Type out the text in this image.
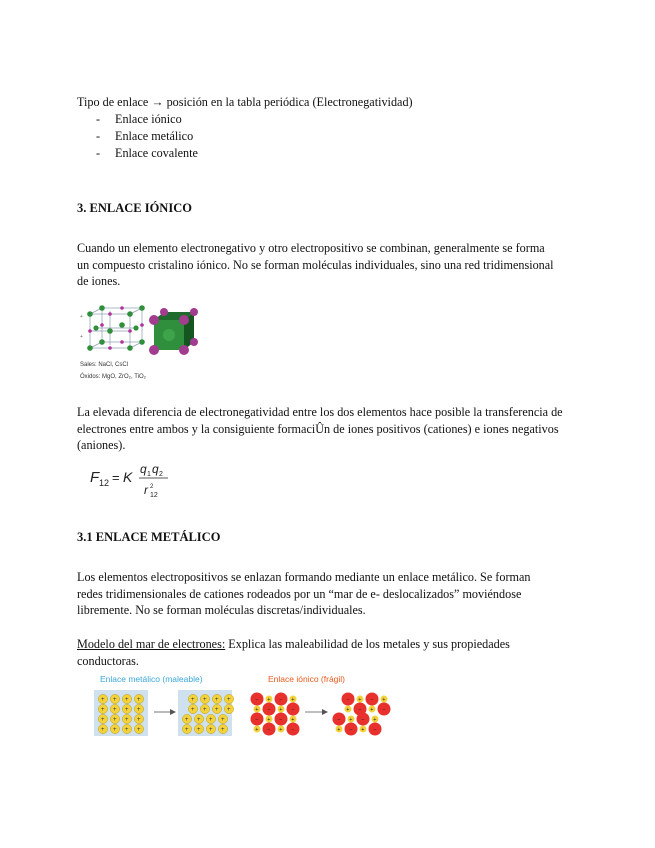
Tipo de enlace → posición en la tabla periódica (Electronegatividad)

- Enlace iónico
- Enlace metálico
- Enlace covalente
3. ENLACE IÓNICO

Cuando un elemento electronegativo y otro electropositivo se combinan, generalmente se forma un compuesto cristalino iónico. No se forman moléculas individuales, sino una red tridimensional de iones.

+
+
Sales: NaCl, CsCl
Óxidos: MgO, ZrO₂, TiO₂

La elevada diferencia de electronegatividad entre los dos elementos hace posible la transferencia de electrones entre ambos y la consiguiente formaciÛn de iones positivos (cationes) e iones negativos (aniones).

F 12 = K q 1 q 2
r 2
12
3.1 ENLACE METÁLICO

Los elementos electropositivos se enlazan formando mediante un enlace metálico. Se forman redes tridimensionales de cationes rodeados por un “mar de e- deslocalizados” moviéndose libremente. No se forman moléculas discretas/individuales.

Modelo del mar de electrones: Explica las maleabilidad de los metales y sus propiedades conductoras.

Enlace metálico (maleable)	Enlace iónico (frágil)
+ + + +
+ + + +
+ + + +
+ + + +
+ + + +
+ + + +
+ + + +
+ + + +
− + − +
+ − + −
− + − +
+ − + −
− + − +
+ − + −
− + − +
+ − + −
